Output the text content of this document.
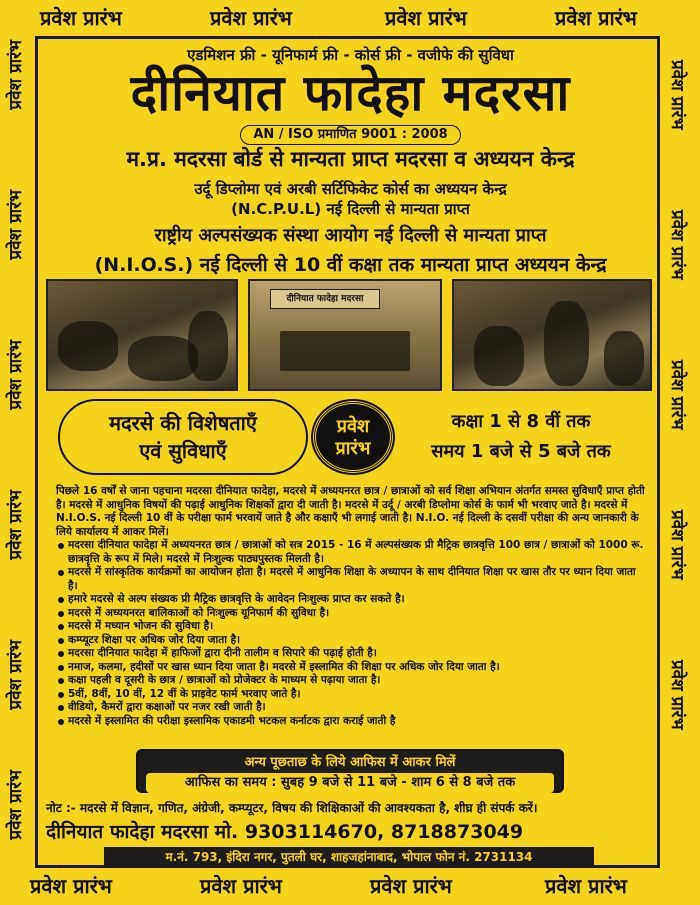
प्रवेश प्रारंभ	प्रवेश प्रारंभ	प्रवेश प्रारंभ	प्रवेश प्रारंभ
प्रवेश प्रारंभ
प्रवेश प्रारंभ
प्रवेश प्रारंभ
प्रवेश प्रारंभ
प्रवेश प्रारंभ
प्रवेश प्रारंभ
प्रवेश प्रारंभ
प्रवेश प्रारंभ
प्रवेश प्रारंभ
प्रवेश प्रारंभ
प्रवेश प्रारंभ
प्रवेश प्रारंभ	प्रवेश प्रारंभ	प्रवेश प्रारंभ	प्रवेश प्रारंभ
एडमिशन फ्री - यूनिफार्म फ्री - कोर्स फ्री - वजीफे की सुविधा
दीनियात फादेहा मदरसा
AN / ISO प्रमाणित 9001 : 2008
म.प्र. मदरसा बोर्ड से मान्यता प्राप्त मदरसा व अध्ययन केन्द्र
उर्दू डिप्लोमा एवं अरबी सर्टिफिकेट कोर्स का अध्ययन केन्द्र
(N.C.P.U.L) नई दिल्ली से मान्यता प्राप्त
राष्ट्रीय अल्पसंख्यक संस्था आयोग नई दिल्ली से मान्यता प्राप्त
(N.I.O.S.) नई दिल्ली से 10 वीं कक्षा तक मान्यता प्राप्त अध्ययन केन्द्र
दीनियात फादेहा मदरसा
मदरसे की विशेषताएँ
एवं सुविधाएँ
प्रवेश
प्रारंभ
कक्षा 1 से 8 वीं तक
समय 1 बजे से 5 बजे तक

पिछले 16 वर्षों से जाना पहचाना मदरसा दीनियात फादेहा, मदरसे में अध्ययनरत छात्र / छात्राओं को सर्व शिक्षा अभियान अंतर्गत समस्त सुविधाएँ प्राप्त होती है। मदरसे में आधुनिक विषयों की पढ़ाई आधुनिक शिक्षकों द्वारा दी जाती है। मदरसे में उर्दू / अरबी डिप्लोमा कोर्स के फार्म भी भरवाए जाते है। मदरसे में N.I.O.S. नई दिल्ली 10 वीं के परीक्षा फार्म भरवायें जाते है और कक्षाएँ भी लगाई जाती है। N.I.O. नई दिल्ली के दसवीं परीक्षा की अन्य जानकारी के लिये कार्यालय में आकर मिलें।

मदरसा दीनियात फादेहा में अध्ययनरत छात्र / छात्राओं को सत्र 2015 - 16 में अल्पसंख्यक प्री मैट्रिक छात्रवृत्ति 100 छात्र / छात्राओं को 1000 रू. छात्रवृत्ति के रूप में मिले। मदरसे में निःशुल्क पाठ्यपुस्तक मिलती है।
मदरसे में सांस्कृतिक कार्यक्रमों का आयोजन होता है। मदरसे में आधुनिक शिक्षा के अध्यापन के साथ दीनियात शिक्षा पर खास तौर पर ध्यान दिया जाता है।
हमारे मदरसे से अल्प संख्यक प्री मैट्रिक छात्रवृत्ति के आवेदन निःशुल्क प्राप्त कर सकते है।
मदरसे में अध्ययनरत बालिकाओं को निःशुल्क यूनिफार्म की सुविधा है।
मदरसे में मध्यान भोजन की सुविधा है।
कम्प्यूटर शिक्षा पर अधिक जोर दिया जाता है।
मदरसा दीनियात फादेहा में हाफिजों द्वारा दीनी तालीम व सिपारे की पढ़ाई होती है।
नमाज, कलमा, हदीसों पर खास ध्यान दिया जाता है। मदरसे में इस्लामित की शिक्षा पर अधिक जोर दिया जाता है।
कक्षा पहली व दूसरी के छात्र / छात्राओं को प्रोजेक्टर के माध्यम से पढ़ाया जाता है।
5वीं, 8वीं, 10 वीं, 12 वीं के प्राइवेट फार्म भरवाए जाते है।
वीडियो, कैमरों द्वारा कक्षाओं पर नजर रखी जाती है।
मदरसे में इस्लामित की परीक्षा इस्लामिक एकाडमी भटकल कर्नाटक द्वारा कराई जाती है
अन्य पूछताछ के लिये आफिस में आकर मिलें
आफिस का समय : सुबह 9 बजे से 11 बजे - शाम 6 से 8 बजे तक
नोट :- मदरसे में विज्ञान, गणित, अंग्रेजी, कम्प्यूटर, विषय की शिक्षिकाओं की आवश्यकता है, शीघ्र ही संपर्क करें।
दीनियात फादेहा मदरसा मो. 9303114670, 8718873049
म.नं. 793, इंदिरा नगर, पुतली घर, शाहजहांनाबाद, भोपाल फोन नं. 2731134
